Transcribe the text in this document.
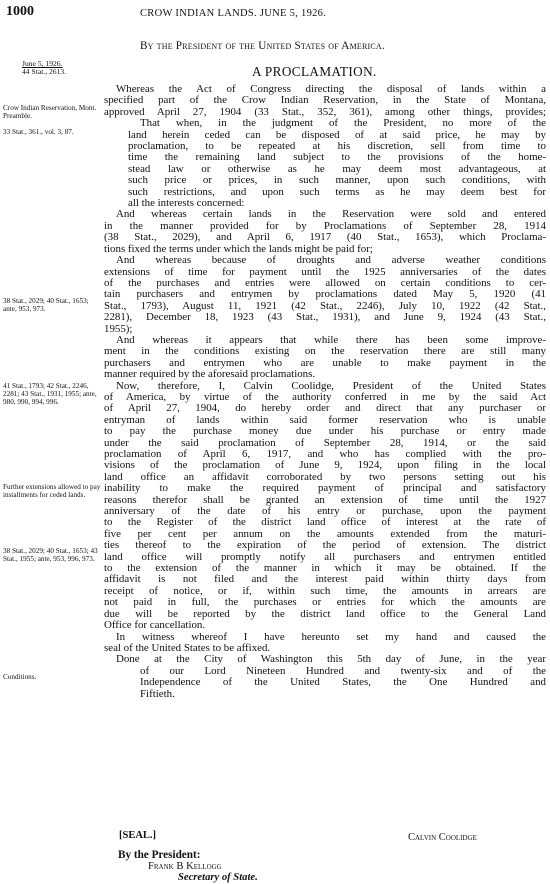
1000	CROW INDIAN LANDS. JUNE 5, 1926.
By the President of the United States of America.
A PROCLAMATION.
June 5, 1926.
44 Stat., 2613.
Crow Indian Reservation, Mont. Preamble.
33 Stat., 361., vol. 3, 87.
38 Stat., 2029; 40 Stat., 1653; ante, 953, 973.
41 Stat., 1793; 42 Stat., 2246, 2281; 43 Stat., 1931, 1955; ante, 980, 990, 994, 996.
Further extensions allowed to pay installments for ceded lands.
38 Stat., 2029; 40 Stat., 1653; 43 Stat., 1955; ante, 953, 996, 973.
Conditions.
Whereas the Act of Congress directing the disposal of lands within a
specified part of the Crow Indian Reservation, in the State of Montana,
approved April 27, 1904 (33 Stat., 352, 361), among other things, provides;
That when, in the judgment of the President, no more of the
land herein ceded can be disposed of at said price, he may by
proclamation, to be repeated at his discretion, sell from time to
time the remaining land subject to the provisions of the home-
stead law or otherwise as he may deem most advantageous, at
such price or prices, in such manner, upon such conditions, with
such restrictions, and upon such terms as he may deem best for
all the interests concerned:
And whereas certain lands in the Reservation were sold and entered
in the manner provided for by Proclamations of September 28, 1914
(38 Stat., 2029), and April 6, 1917 (40 Stat., 1653), which Proclama-
tions fixed the terms under which the lands might be paid for;
And whereas because of droughts and adverse weather conditions
extensions of time for payment until the 1925 anniversaries of the dates
of the purchases and entries were allowed on certain conditions to cer-
tain purchasers and entrymen by proclamations dated May 5, 1920 (41
Stat., 1793), August 11, 1921 (42 Stat., 2246), July 10, 1922 (42 Stat.,
2281), December 18, 1923 (43 Stat., 1931), and June 9, 1924 (43 Stat.,
1955);
And whereas it appears that while there has been some improve-
ment in the conditions existing on the reservation there are still many
purchasers and entrymen who are unable to make payment in the
manner required by the aforesaid proclamations.
Now, therefore, I, Calvin Coolidge, President of the United States
of America, by virtue of the authority conferred in me by the said Act
of April 27, 1904, do hereby order and direct that any purchaser or
entryman of lands within said former reservation who is unable
to pay the purchase money due under his purchase or entry made
under the said proclamation of September 28, 1914, or the said
proclamation of April 6, 1917, and who has complied with the pro-
visions of the proclamation of June 9, 1924, upon filing in the local
land office an affidavit corroborated by two persons setting out his
inability to make the required payment of principal and satisfactory
reasons therefor shall be granted an extension of time until the 1927
anniversary of the date of his entry or purchase, upon the payment
to the Register of the district land office of interest at the rate of
five per cent per annum on the amounts extended from the maturi-
ties thereof to the expiration of the period of extension. The district
land office will promptly notify all purchasers and entrymen entitled
to the extension of the manner in which it may be obtained. If the
affidavit is not filed and the interest paid within thirty days from
receipt of notice, or if, within such time, the amounts in arrears are
not paid in full, the purchases or entries for which the amounts are
due will be reported by the district land office to the General Land
Office for cancellation.
In witness whereof I have hereunto set my hand and caused the
seal of the United States to be affixed.
Done at the City of Washington this 5th day of June, in the year
of our Lord Nineteen Hundred and twenty-six and of the
Independence of the United States, the One Hundred and
Fiftieth.
[SEAL.]	Calvin Coolidge
By the President:
Frank B Kellogg
Secretary of State.
